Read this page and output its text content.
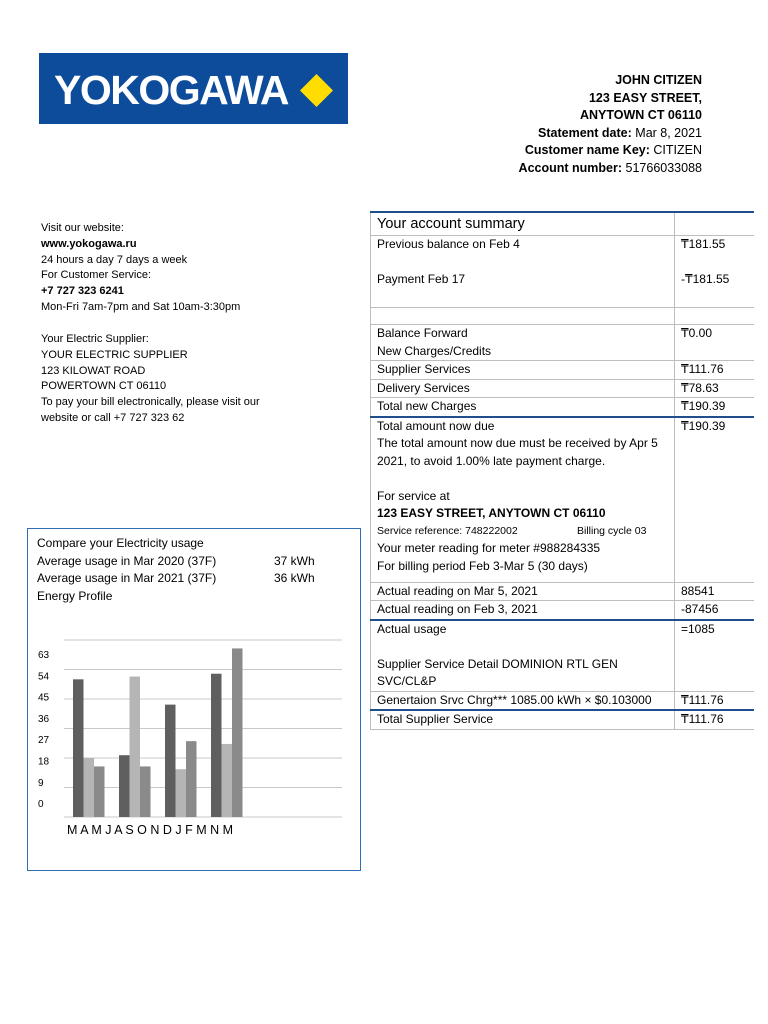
YOKOGAWA	JOHN CITIZEN
123 EASY STREET,
ANYTOWN CT 06110
Statement date: Mar 8, 2021
Customer name Key: CITIZEN
Account number: 51766033088
Visit our website:
www.yokogawa.ru
24 hours a day 7 days a week
For Customer Service:
+7 727 323 6241
Mon-Fri 7am-7pm and Sat 10am-3:30pm
Your Electric Supplier:
YOUR ELECTRIC SUPPLIER
123 KILOWAT ROAD
POWERTOWN CT 06110
To pay your bill electronically, please visit our
website or call +7 727 323 62
Your account summary
Previous balance on Feb 4	₸181.55
Payment Feb 17	-₸181.55
Balance Forward	₸0.00
New Charges/Credits
Supplier Services	₸111.76
Delivery Services	₸78.63
Total new Charges	₸190.39
Total amount now due	₸190.39
The total amount now due must be received by Apr 5
2021, to avoid 1.00% late payment charge.

For service at
123 EASY STREET, ANYTOWN CT 06110
Service reference: 748222002	Billing cycle 03
Your meter reading for meter #988284335
For billing period Feb 3-Mar 5 (30 days)
Actual reading on Mar 5, 2021	88541
Actual reading on Feb 3, 2021	-87456
Actual usage	=1085
Supplier Service Detail DOMINION RTL GEN SVC/CL&P
Genertaion Srvc Chrg*** 1085.00 kWh × $0.103000	₸111.76
Total Supplier Service	₸111.76
Compare your Electricity usage
Average usage in Mar 2020 (37F)	37 kWh
Average usage in Mar 2021 (37F)	36 kWh
Energy Profile
63
54
45
36
27
18
9
0
M A M J A S O N D J F M N M
